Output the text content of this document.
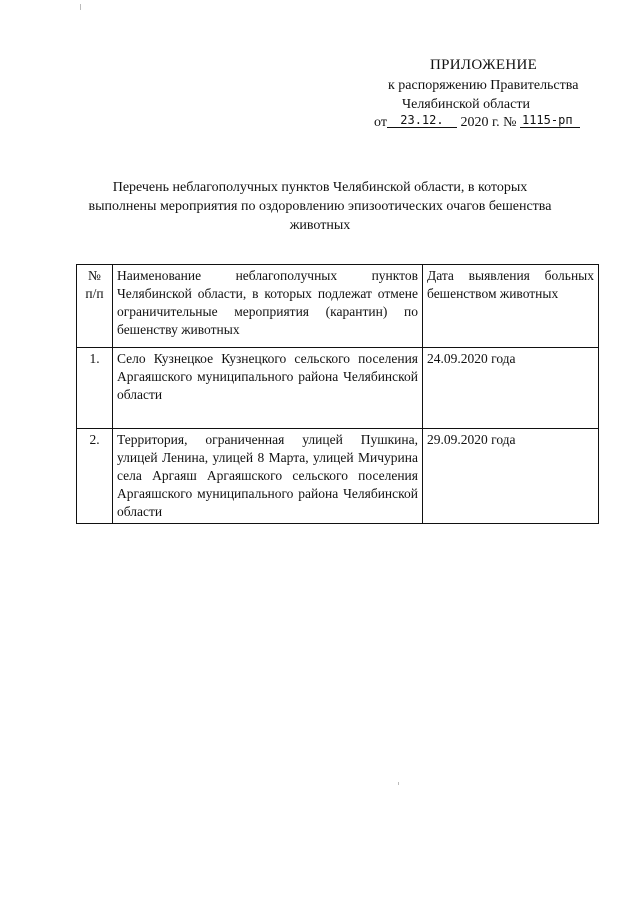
ПРИЛОЖЕНИЕ
к распоряжению Правительства
Челябинской области
от 23.12. 2020 г. № 1115-рп
Перечень неблагополучных пунктов Челябинской области, в которых выполнены мероприятия по оздоровлению эпизоотических очагов бешенства животных
№ п/п	Наименование неблагополучных пунктов Челябинской области, в которых подлежат отмене ограничительные мероприятия (карантин) по бешенству животных	Дата выявления больных бешенством животных
1.	Село Кузнецкое Кузнецкого сельского поселения Аргаяшского муниципального района Челябинской области	24.09.2020 года
2.	Территория, ограниченная улицей Пушкина, улицей Ленина, улицей 8 Марта, улицей Мичурина села Аргаяш Аргаяшского сельского поселения Аргаяшского муниципального района Челябинской области	29.09.2020 года
